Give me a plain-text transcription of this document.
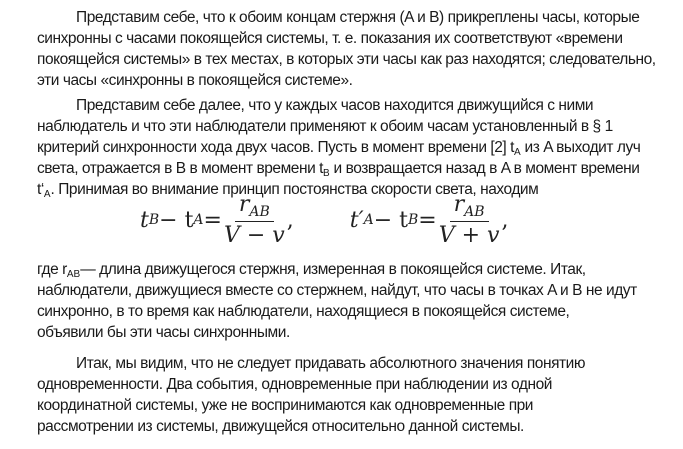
Представим себе, что к обоим концам стержня (A и B) прикреплены часы, которые
синхронны с часами покоящейся системы, т. е. показания их соответствуют «времени
покоящейся системы» в тех местах, в которых эти часы как раз находятся; следовательно,
эти часы «синхронны в покоящейся системе».
Представим себе далее, что у каждых часов находится движущийся с ними
наблюдатель и что эти наблюдатели применяют к обоим часам установленный в § 1
критерий синхронности хода двух часов. Пусть в момент времени [2] $t_A$ из A выходит луч
света, отражается в B в момент времени $t_B$ и возвращается назад в A в момент времени
$t‘_A$. Принимая во внимание принцип постоянства скорости света, находим
где $r_{AB}—$ длина движущегося стержня, измеренная в покоящейся системе. Итак,
наблюдатели, движущиеся вместе со стержнем, найдут, что часы в точках A и B не идут
синхронно, в то время как наблюдатели, находящиеся в покоящейся системе,
объявили бы эти часы синхронными.
Итак, мы видим, что не следует придавать абсолютного значения понятию
одновременности. Два события, одновременные при наблюдении из одной
координатной системы, уже не воспринимаются как одновременные при
рассмотрении из системы, движущейся относительно данной системы.
t B − t $A = \frac{r_{AB}}{V - v}$ ,	t′ A − t $B = \frac{r_{AB}}{V + v}$ ,
